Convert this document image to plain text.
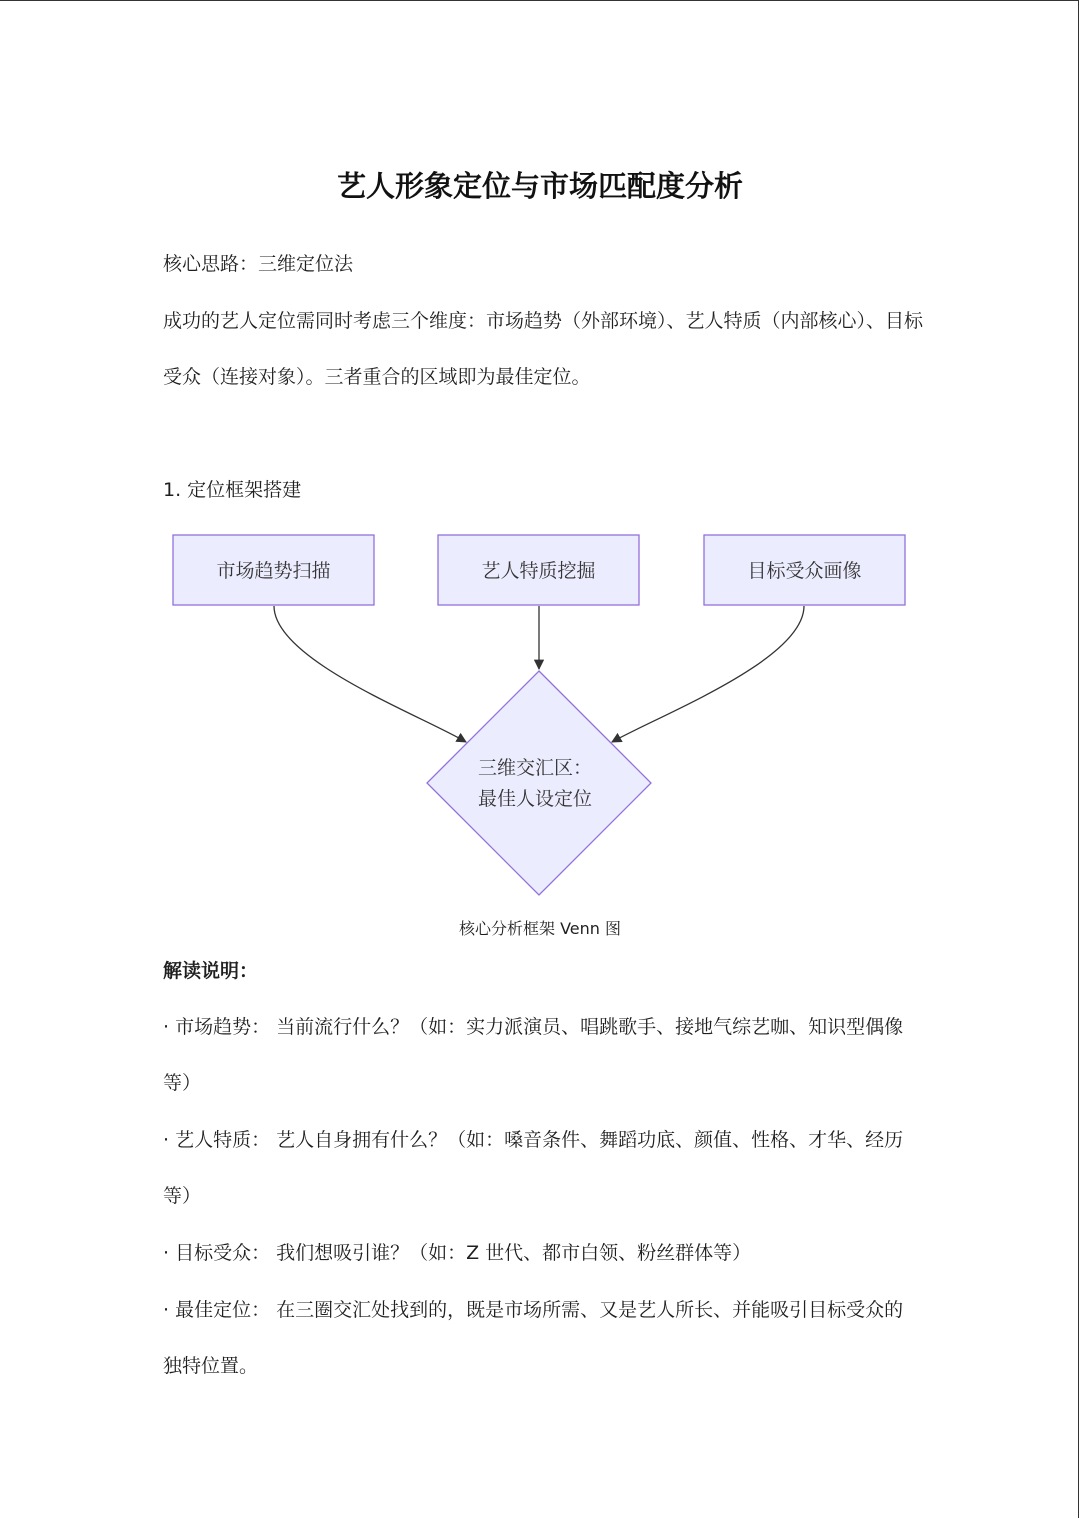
艺人形象定位与市场匹配度分析

核心思路：三维定位法

成功的艺人定位需同时考虑三个维度：市场趋势（外部环境）、艺人特质（内部核心）、目标

受众（连接对象）。三者重合的区域即为最佳定位。

1. 定位框架搭建

市场趋势扫描	艺人特质挖掘	目标受众画像
三维交汇区：
最佳人设定位
核心分析框架 Venn 图

解读说明：

· 市场趋势： 当前流行什么？（如：实力派演员、唱跳歌手、接地气综艺咖、知识型偶像

等）

· 艺人特质： 艺人自身拥有什么？（如：嗓音条件、舞蹈功底、颜值、性格、才华、经历

等）

· 目标受众： 我们想吸引谁？（如：Z 世代、都市白领、粉丝群体等）

· 最佳定位： 在三圈交汇处找到的，既是市场所需、又是艺人所长、并能吸引目标受众的

独特位置。
